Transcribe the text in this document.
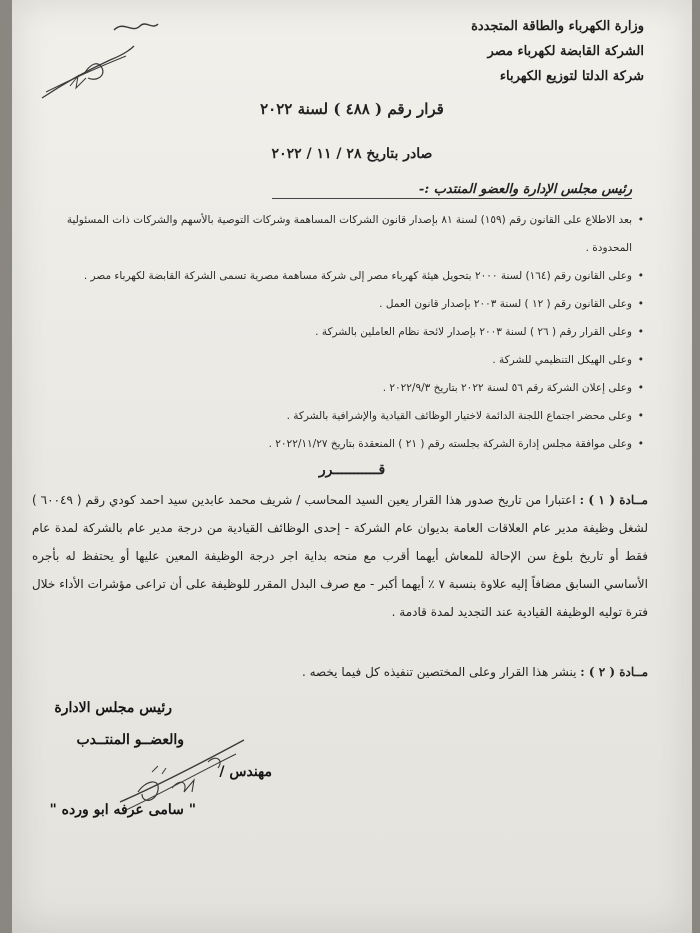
وزارة الكهرباء والطاقة المتجددة
الشركة القابضة لكهرباء مصر
شركة الدلتا لتوزيع الكهرباء
قرار رقم ( ٤٨٨ ) لسنة ٢٠٢٢
صادر بتاريخ ٢٨ / ١١ / ٢٠٢٢
رئيس مجلس الإدارة والعضو المنتدب :-
• بعد الاطلاع على القانون رقم (١٥٩) لسنة ٨١ بإصدار قانون الشركات المساهمة وشركات التوصية بالأسهم والشركات ذات المسئولية المحدودة .
• وعلى القانون رقم (١٦٤) لسنة ٢٠٠٠ بتحويل هيئة كهرباء مصر إلى شركة مساهمة مصرية تسمى الشركة القابضة لكهرباء مصر .
• وعلى القانون رقم ( ١٢ ) لسنة ٢٠٠٣ بإصدار قانون العمل .
• وعلى القرار رقم ( ٢٦ ) لسنة ٢٠٠٣ بإصدار لائحة نظام العاملين بالشركة .
• وعلى الهيكل التنظيمي للشركة .
• وعلى إعلان الشركة رقم ٥٦ لسنة ٢٠٢٢ بتاريخ ٢٠٢٢/٩/٣ .
• وعلى محضر اجتماع اللجنة الدائمة لاختيار الوظائف القيادية والإشرافية بالشركة .
• وعلى موافقة مجلس إدارة الشركة بجلسته رقم ( ٢١ ) المنعقدة بتاريخ ٢٠٢٢/١١/٢٧ .
قـــــــــــرر
مــادة ( ١ ) : اعتبارا من تاريخ صدور هذا القرار يعين السيد المحاسب / شريف محمد عابدين سيد احمد كودي رقم ( ٦٠٠٤٩ ) لشغل وظيفة مدير عام العلاقات العامة بديوان عام الشركة - إحدى الوظائف القيادية من درجة مدير عام بالشركة لمدة عام فقط أو تاريخ بلوغ سن الإحالة للمعاش أيهما أقرب مع منحه بداية اجر درجة الوظيفة المعين عليها أو يحتفظ له بأجره الأساسي السابق مضافاً إليه علاوة بنسبة ٧ ٪ أيهما أكبر - مع صرف البدل المقرر للوظيفة على أن تراعى مؤشرات الأداء خلال فترة توليه الوظيفة القيادية عند التجديد لمدة قادمة .
مــادة ( ٢ ) : ينشر هذا القرار وعلى المختصين تنفيذه كل فيما يخصه .
رئيس مجلس الادارة
والعضــو المنتــدب
مهندس /
" سامى عرفه ابو ورده "
